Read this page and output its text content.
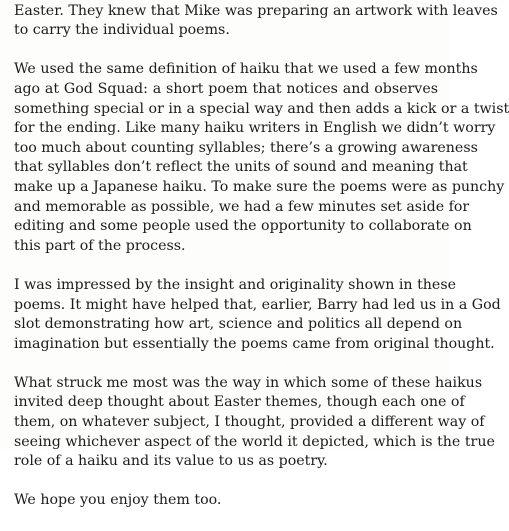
Easter. They knew that Mike was preparing an artwork with leaves
to carry the individual poems.

We used the same definition of haiku that we used a few months
ago at God Squad: a short poem that notices and observes
something special or in a special way and then adds a kick or a twist
for the ending. Like many haiku writers in English we didn’t worry
too much about counting syllables; there’s a growing awareness
that syllables don’t reflect the units of sound and meaning that
make up a Japanese haiku. To make sure the poems were as punchy
and memorable as possible, we had a few minutes set aside for
editing and some people used the opportunity to collaborate on
this part of the process.

I was impressed by the insight and originality shown in these
poems. It might have helped that, earlier, Barry had led us in a God
slot demonstrating how art, science and politics all depend on
imagination but essentially the poems came from original thought.

What struck me most was the way in which some of these haikus
invited deep thought about Easter themes, though each one of
them, on whatever subject, I thought, provided a different way of
seeing whichever aspect of the world it depicted, which is the true
role of a haiku and its value to us as poetry.

We hope you enjoy them too.
